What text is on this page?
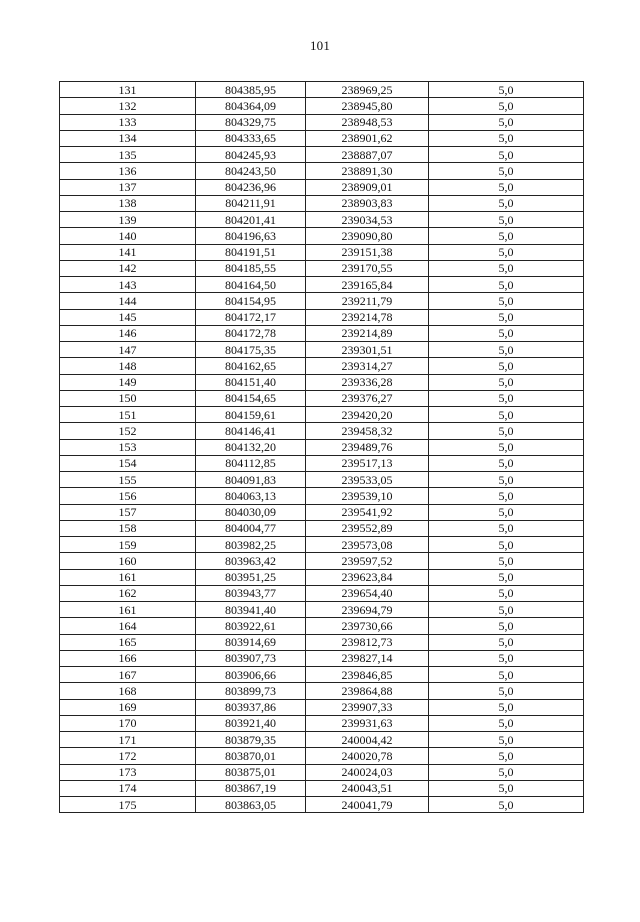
101
131	804385,95	238969,25	5,0
132	804364,09	238945,80	5,0
133	804329,75	238948,53	5,0
134	804333,65	238901,62	5,0
135	804245,93	238887,07	5,0
136	804243,50	238891,30	5,0
137	804236,96	238909,01	5,0
138	804211,91	238903,83	5,0
139	804201,41	239034,53	5,0
140	804196,63	239090,80	5,0
141	804191,51	239151,38	5,0
142	804185,55	239170,55	5,0
143	804164,50	239165,84	5,0
144	804154,95	239211,79	5,0
145	804172,17	239214,78	5,0
146	804172,78	239214,89	5,0
147	804175,35	239301,51	5,0
148	804162,65	239314,27	5,0
149	804151,40	239336,28	5,0
150	804154,65	239376,27	5,0
151	804159,61	239420,20	5,0
152	804146,41	239458,32	5,0
153	804132,20	239489,76	5,0
154	804112,85	239517,13	5,0
155	804091,83	239533,05	5,0
156	804063,13	239539,10	5,0
157	804030,09	239541,92	5,0
158	804004,77	239552,89	5,0
159	803982,25	239573,08	5,0
160	803963,42	239597,52	5,0
161	803951,25	239623,84	5,0
162	803943,77	239654,40	5,0
161	803941,40	239694,79	5,0
164	803922,61	239730,66	5,0
165	803914,69	239812,73	5,0
166	803907,73	239827,14	5,0
167	803906,66	239846,85	5,0
168	803899,73	239864,88	5,0
169	803937,86	239907,33	5,0
170	803921,40	239931,63	5,0
171	803879,35	240004,42	5,0
172	803870,01	240020,78	5,0
173	803875,01	240024,03	5,0
174	803867,19	240043,51	5,0
175	803863,05	240041,79	5,0
